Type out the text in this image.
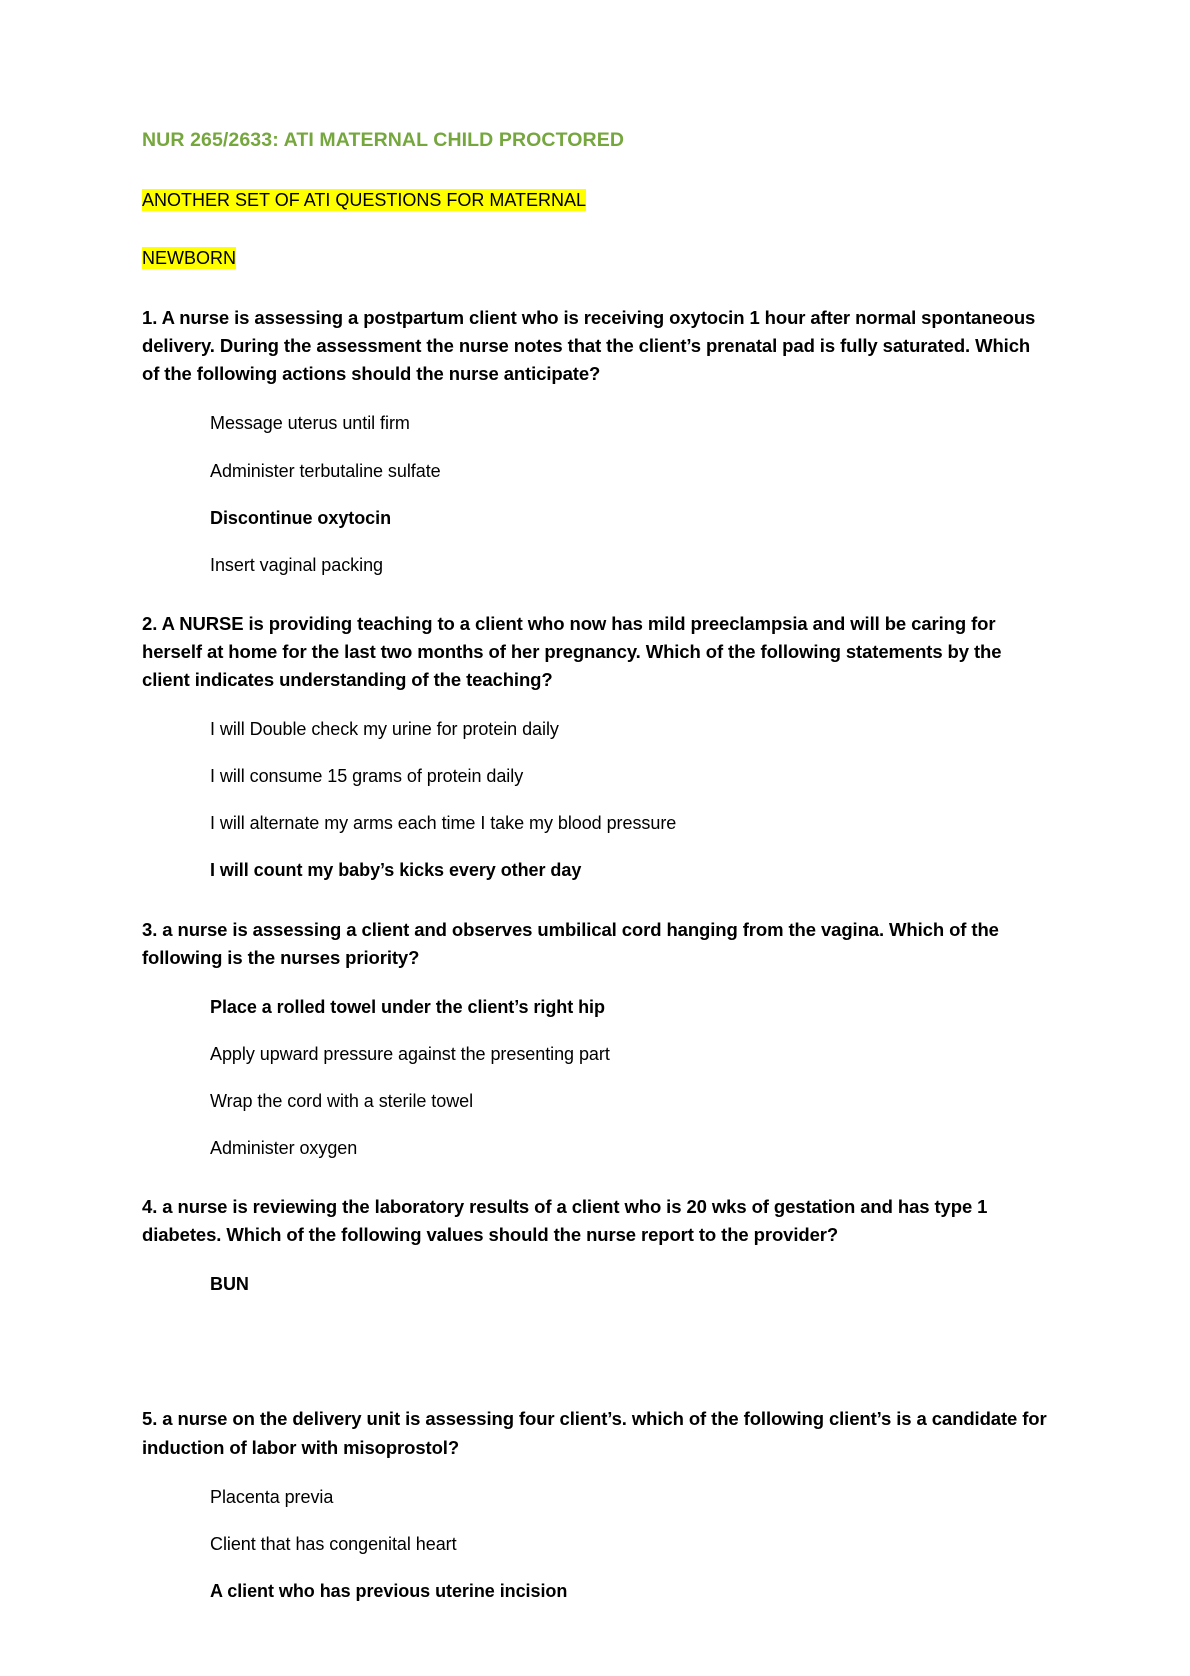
NUR 265/2633: ATI MATERNAL CHILD PROCTORED

ANOTHER SET OF ATI QUESTIONS FOR MATERNAL

NEWBORN

1. A nurse is assessing a postpartum client who is receiving oxytocin 1 hour after normal spontaneous delivery. During the assessment the nurse notes that the client’s prenatal pad is fully saturated. Which of the following actions should the nurse anticipate?

Message uterus until firm
Administer terbutaline sulfate
Discontinue oxytocin
Insert vaginal packing

2. A NURSE is providing teaching to a client who now has mild preeclampsia and will be caring for herself at home for the last two months of her pregnancy. Which of the following statements by the client indicates understanding of the teaching?

I will Double check my urine for protein daily
I will consume 15 grams of protein daily
I will alternate my arms each time I take my blood pressure
I will count my baby’s kicks every other day

3. a nurse is assessing a client and observes umbilical cord hanging from the vagina. Which of the following is the nurses priority?

Place a rolled towel under the client’s right hip
Apply upward pressure against the presenting part
Wrap the cord with a sterile towel
Administer oxygen

4. a nurse is reviewing the laboratory results of a client who is 20 wks of gestation and has type 1 diabetes. Which of the following values should the nurse report to the provider?

BUN

5. a nurse on the delivery unit is assessing four client’s. which of the following client’s is a candidate for induction of labor with misoprostol?

Placenta previa
Client that has congenital heart
A client who has previous uterine incision
